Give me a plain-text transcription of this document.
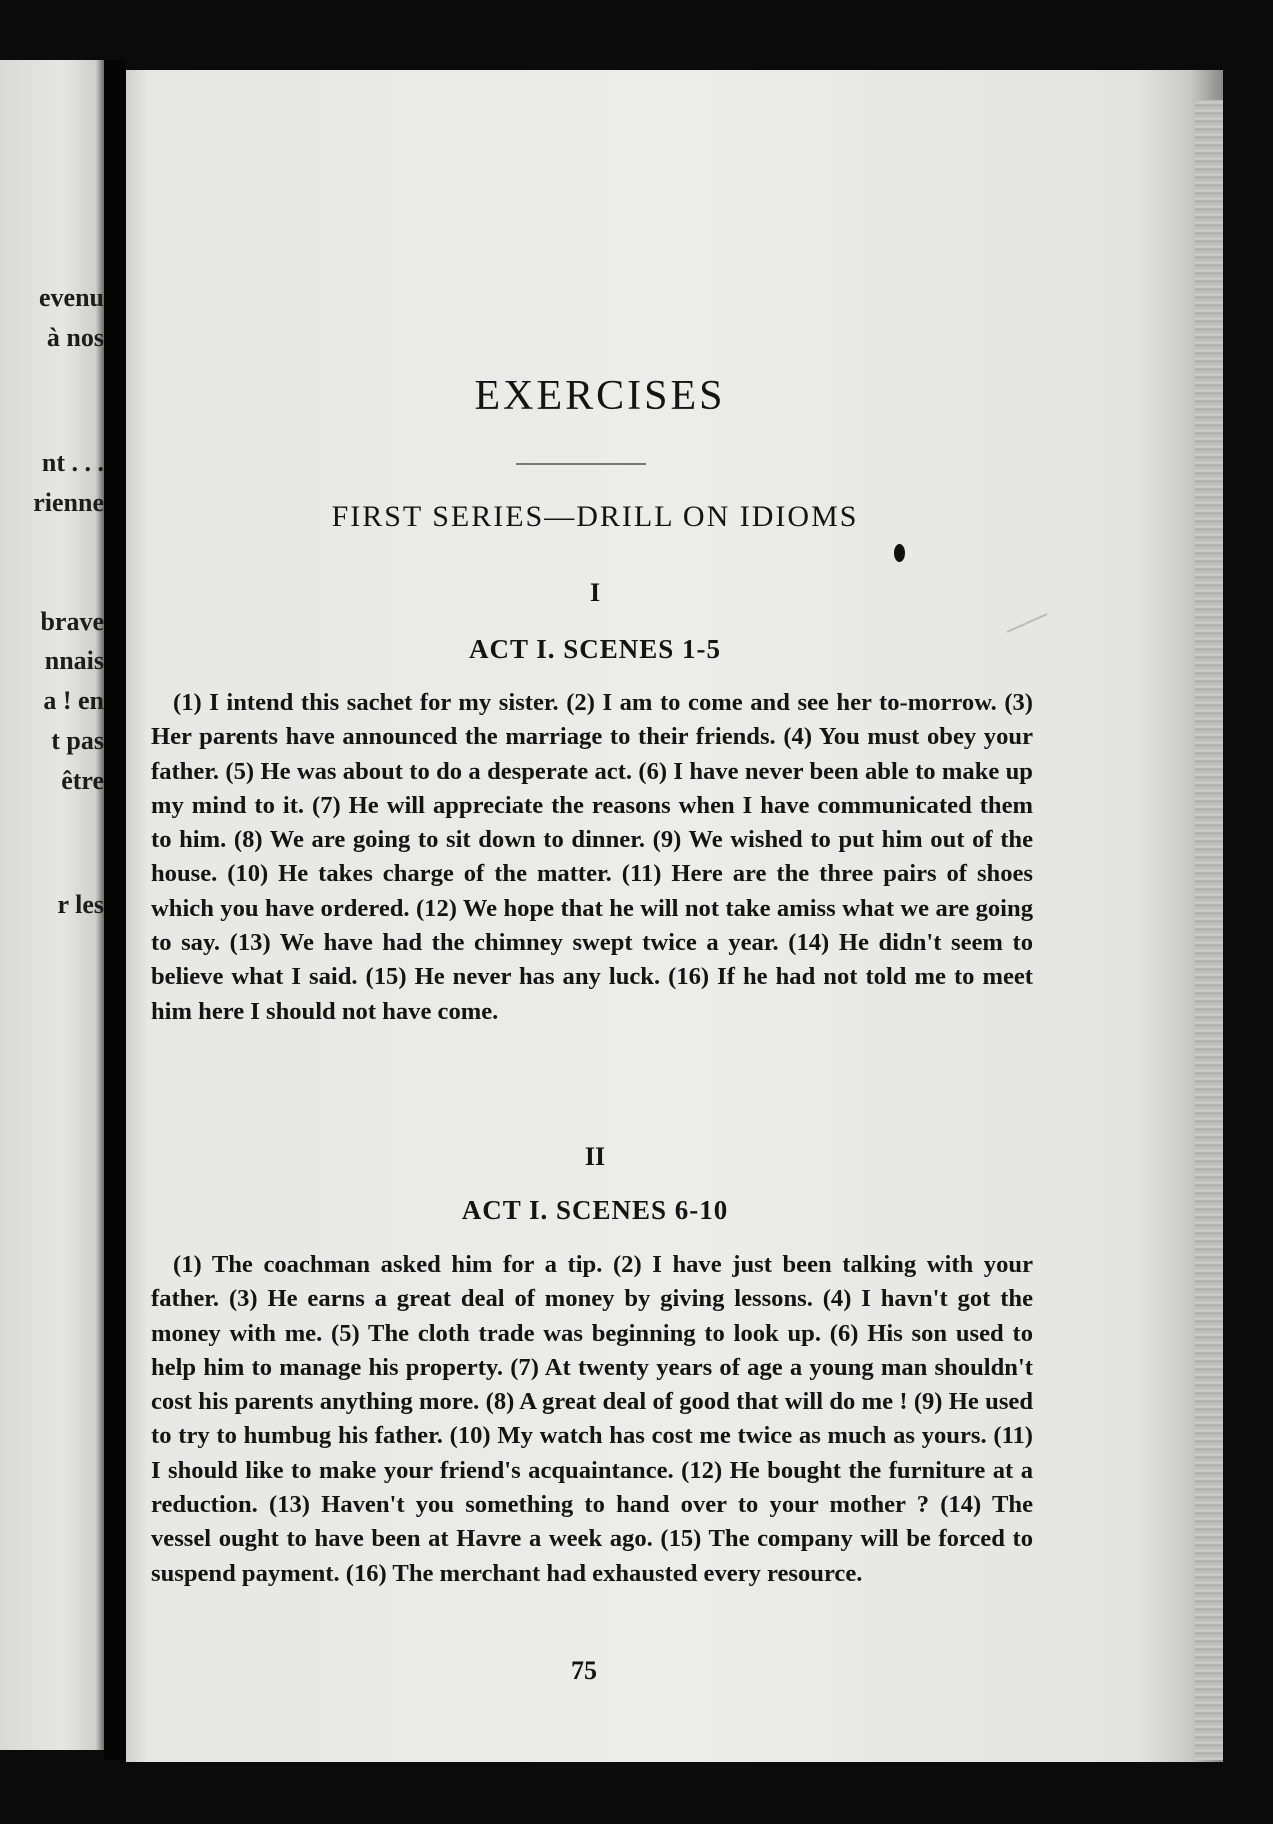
evenu
à nos
nt . . .
rienne
brave
nnais
a ! en
t pas
être
r les
EXERCISES
FIRST SERIES—DRILL ON IDIOMS
I
ACT I. SCENES 1-5

(1) I intend this sachet for my sister. (2) I am to come and see her to-morrow. (3) Her parents have announced the marriage to their friends. (4) You must obey your father. (5) He was about to do a desperate act. (6) I have never been able to make up my mind to it. (7) He will appreciate the reasons when I have communicated them to him. (8) We are going to sit down to dinner. (9) We wished to put him out of the house. (10) He takes charge of the matter. (11) Here are the three pairs of shoes which you have ordered. (12) We hope that he will not take amiss what we are going to say. (13) We have had the chimney swept twice a year. (14) He didn't seem to believe what I said. (15) He never has any luck. (16) If he had not told me to meet him here I should not have come.

II
ACT I. SCENES 6-10

(1) The coachman asked him for a tip. (2) I have just been talking with your father. (3) He earns a great deal of money by giving lessons. (4) I havn't got the money with me. (5) The cloth trade was beginning to look up. (6) His son used to help him to manage his property. (7) At twenty years of age a young man shouldn't cost his parents anything more. (8) A great deal of good that will do me ! (9) He used to try to humbug his father. (10) My watch has cost me twice as much as yours. (11) I should like to make your friend's acquaintance. (12) He bought the furniture at a reduction. (13) Haven't you something to hand over to your mother ? (14) The vessel ought to have been at Havre a week ago. (15) The company will be forced to suspend payment. (16) The merchant had exhausted every resource.

75
